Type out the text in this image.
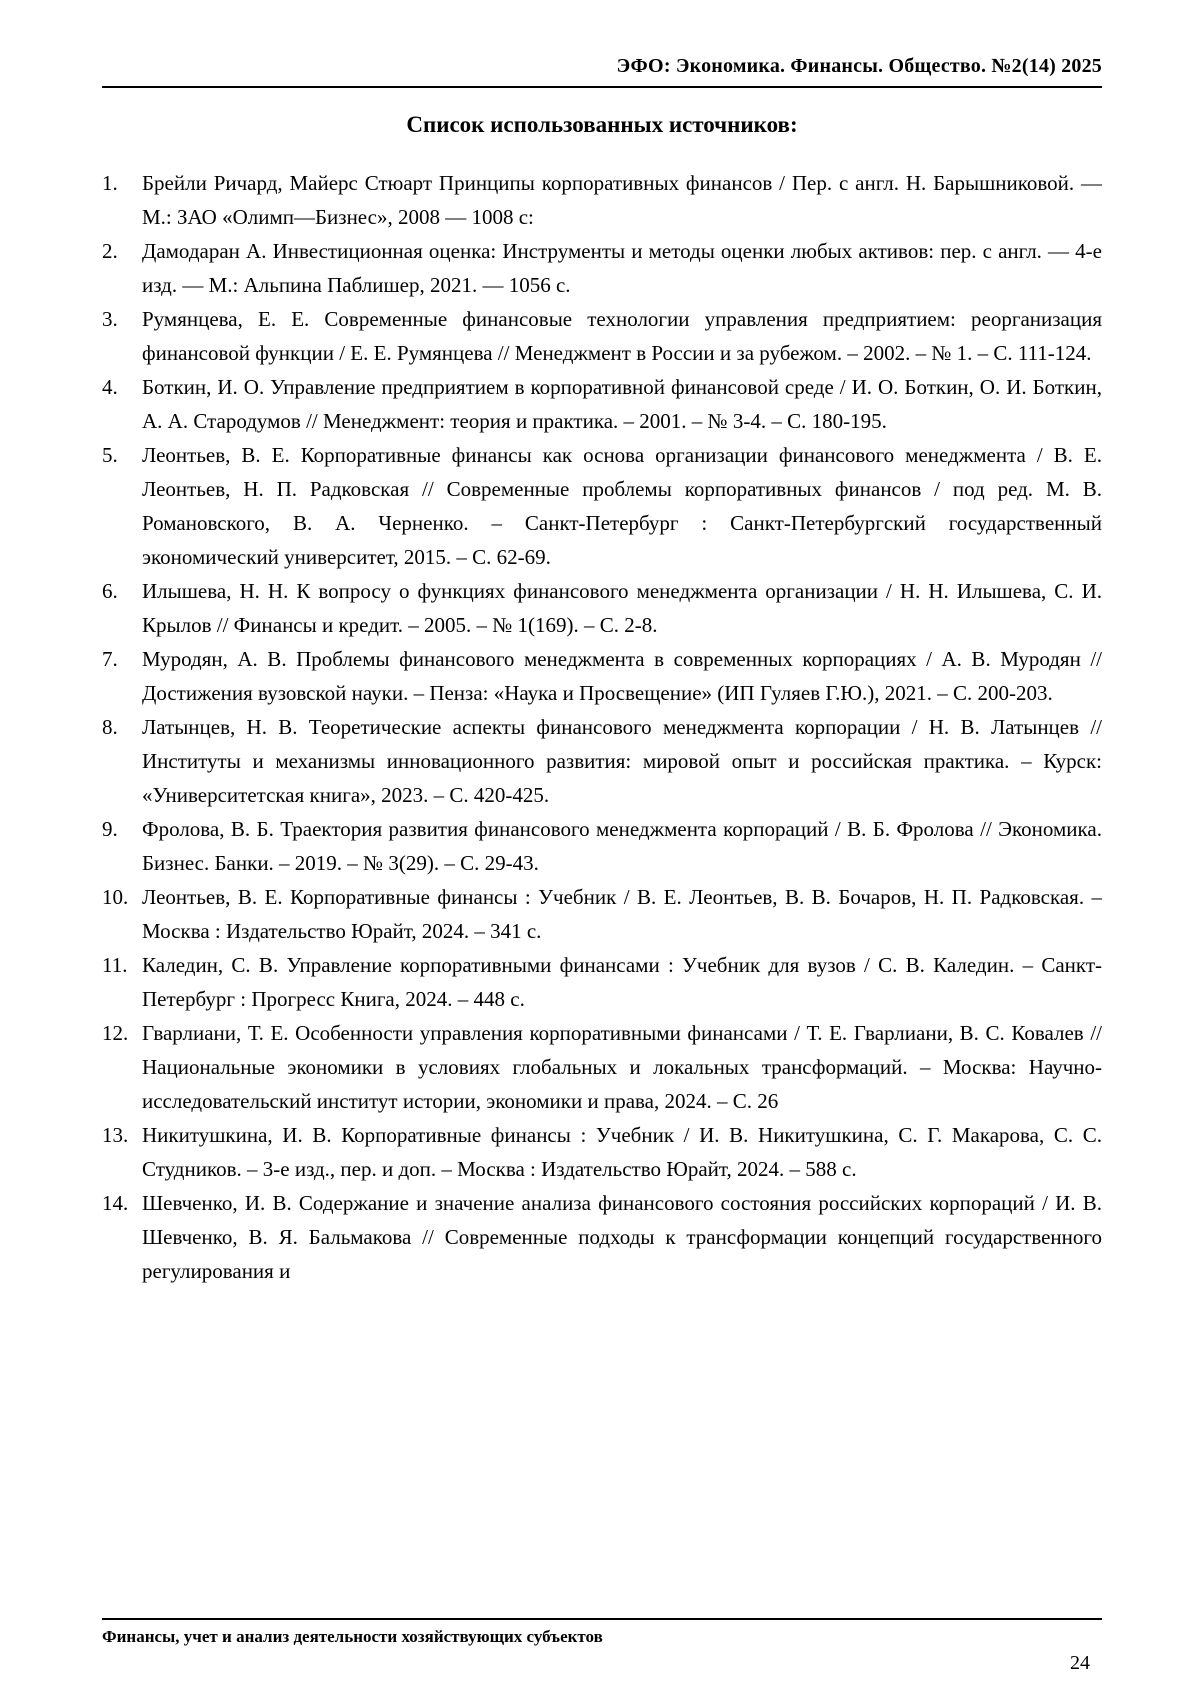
ЭФО: Экономика. Финансы. Общество. №2(14) 2025
Список использованных источников:
1. Брейли Ричард, Майерс Стюарт Принципы корпоративных финансов / Пер. с англ. Н. Барышниковой. — М.: ЗАО «Олимп—Бизнес», 2008 — 1008 с:
2. Дамодаран А. Инвестиционная оценка: Инструменты и методы оценки любых активов: пер. с англ. — 4-е изд. — М.: Альпина Паблишер, 2021. — 1056 с.
3. Румянцева, Е. Е. Современные финансовые технологии управления предприятием: реорганизация финансовой функции / Е. Е. Румянцева // Менеджмент в России и за рубежом. – 2002. – № 1. – С. 111-124.
4. Боткин, И. О. Управление предприятием в корпоративной финансовой среде / И. О. Боткин, О. И. Боткин, А. А. Стародумов // Менеджмент: теория и практика. – 2001. – № 3-4. – С. 180-195.
5. Леонтьев, В. Е. Корпоративные финансы как основа организации финансового менеджмента / В. Е. Леонтьев, Н. П. Радковская // Современные проблемы корпоративных финансов / под ред. М. В. Романовского, В. А. Черненко. – Санкт-Петербург : Санкт-Петербургский государственный экономический университет, 2015. – С. 62-69.
6. Илышева, Н. Н. К вопросу о функциях финансового менеджмента организации / Н. Н. Илышева, С. И. Крылов // Финансы и кредит. – 2005. – № 1(169). – С. 2-8.
7. Муродян, А. В. Проблемы финансового менеджмента в современных корпорациях / А. В. Муродян // Достижения вузовской науки. – Пенза: «Наука и Просвещение» (ИП Гуляев Г.Ю.), 2021. – С. 200-203.
8. Латынцев, Н. В. Теоретические аспекты финансового менеджмента корпорации / Н. В. Латынцев // Институты и механизмы инновационного развития: мировой опыт и российская практика. – Курск: «Университетская книга», 2023. – С. 420-425.
9. Фролова, В. Б. Траектория развития финансового менеджмента корпораций / В. Б. Фролова // Экономика. Бизнес. Банки. – 2019. – № 3(29). – С. 29-43.
10. Леонтьев, В. Е. Корпоративные финансы : Учебник / В. Е. Леонтьев, В. В. Бочаров, Н. П. Радковская. – Москва : Издательство Юрайт, 2024. – 341 с.
11. Каледин, С. В. Управление корпоративными финансами : Учебник для вузов / С. В. Каледин. – Санкт-Петербург : Прогресс Книга, 2024. – 448 с.
12. Гварлиани, Т. Е. Особенности управления корпоративными финансами / Т. Е. Гварлиани, В. С. Ковалев // Национальные экономики в условиях глобальных и локальных трансформаций. – Москва: Научно-исследовательский институт истории, экономики и права, 2024. – С. 26
13. Никитушкина, И. В. Корпоративные финансы : Учебник / И. В. Никитушкина, С. Г. Макарова, С. С. Студников. – 3-е изд., пер. и доп. – Москва : Издательство Юрайт, 2024. – 588 с.
14. Шевченко, И. В. Содержание и значение анализа финансового состояния российских корпораций / И. В. Шевченко, В. Я. Бальмакова // Современные подходы к трансформации концепций государственного регулирования и
Финансы, учет и анализ деятельности хозяйствующих субъектов
24
